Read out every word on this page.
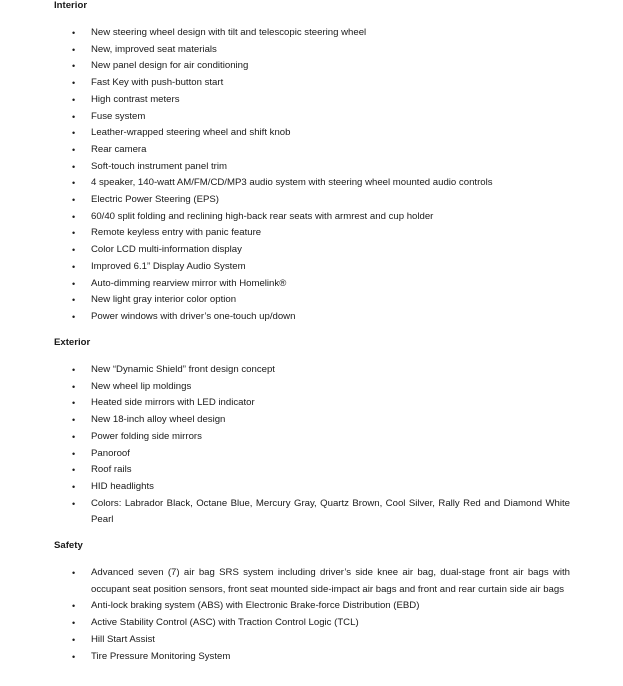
Interior
• New steering wheel design with tilt and telescopic steering wheel
• New, improved seat materials
• New panel design for air conditioning
• Fast Key with push-button start
• High contrast meters
• Fuse system
• Leather-wrapped steering wheel and shift knob
• Rear camera
• Soft-touch instrument panel trim
• 4 speaker, 140-watt AM/FM/CD/MP3 audio system with steering wheel mounted audio controls
• Electric Power Steering (EPS)
• 60/40 split folding and reclining high-back rear seats with armrest and cup holder
• Remote keyless entry with panic feature
• Color LCD multi-information display
• Improved 6.1” Display Audio System
• Auto-dimming rearview mirror with Homelink®
• New light gray interior color option
• Power windows with driver’s one-touch up/down
Exterior
• New “Dynamic Shield” front design concept
• New wheel lip moldings
• Heated side mirrors with LED indicator
• New 18-inch alloy wheel design
• Power folding side mirrors
• Panoroof
• Roof rails
• HID headlights
• Colors: Labrador Black, Octane Blue, Mercury Gray, Quartz Brown, Cool Silver, Rally Red and Diamond White Pearl
Safety
• Advanced seven (7) air bag SRS system including driver’s side knee air bag, dual-stage front air bags with occupant seat position sensors, front seat mounted side-impact air bags and front and rear curtain side air bags
• Anti-lock braking system (ABS) with Electronic Brake-force Distribution (EBD)
• Active Stability Control (ASC) with Traction Control Logic (TCL)
• Hill Start Assist
• Tire Pressure Monitoring System
